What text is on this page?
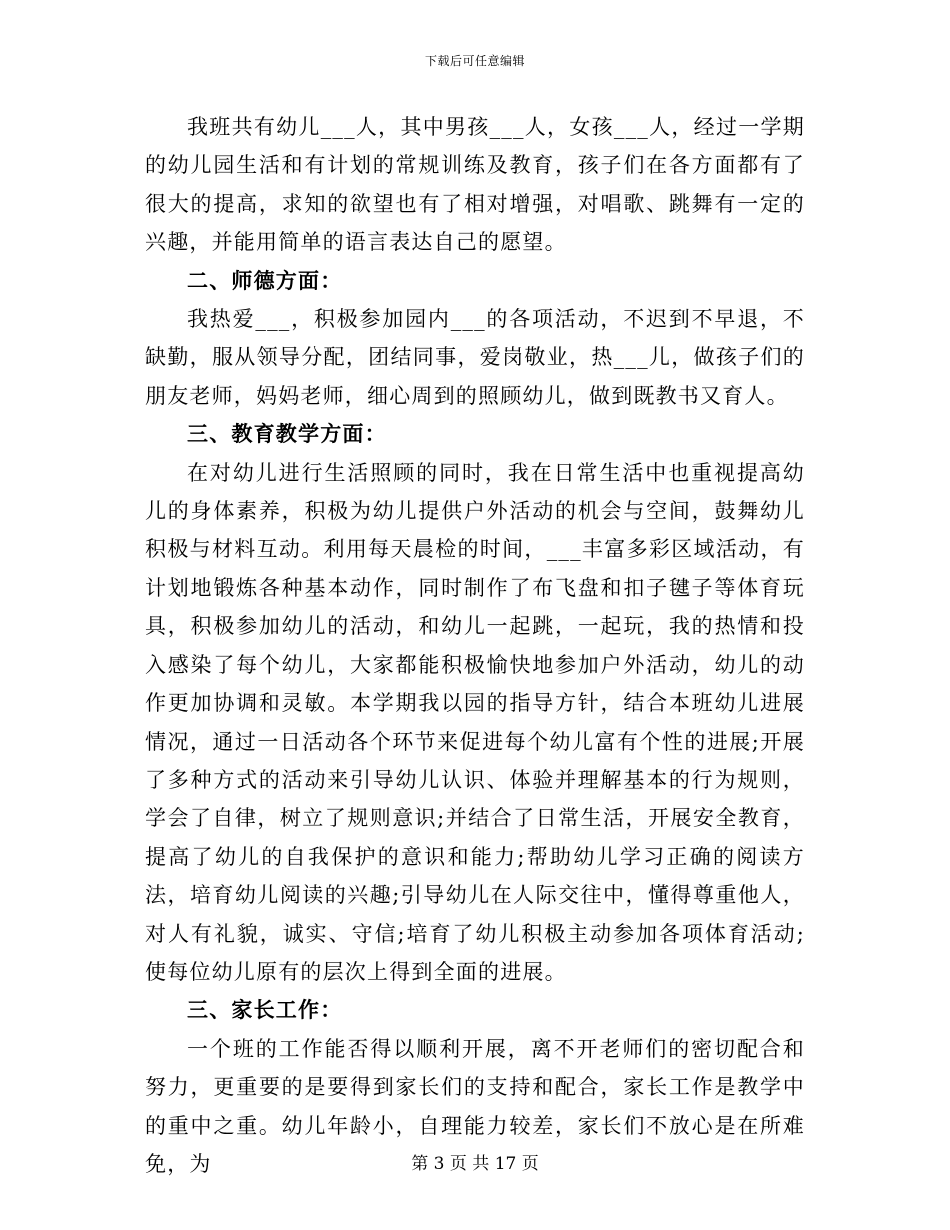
下载后可任意编辑

我班共有幼儿___人，其中男孩___人，女孩___人，经过一学期的幼儿园生活和有计划的常规训练及教育，孩子们在各方面都有了很大的提高，求知的欲望也有了相对增强，对唱歌、跳舞有一定的兴趣，并能用简单的语言表达自己的愿望。

二、师德方面：

我热爱___，积极参加园内___的各项活动，不迟到不早退，不缺勤，服从领导分配，团结同事，爱岗敬业，热___儿，做孩子们的朋友老师，妈妈老师，细心周到的照顾幼儿，做到既教书又育人。

三、教育教学方面：

在对幼儿进行生活照顾的同时，我在日常生活中也重视提高幼儿的身体素养，积极为幼儿提供户外活动的机会与空间，鼓舞幼儿积极与材料互动。利用每天晨检的时间，___丰富多彩区域活动，有计划地锻炼各种基本动作，同时制作了布飞盘和扣子毽子等体育玩具，积极参加幼儿的活动，和幼儿一起跳，一起玩，我的热情和投入感染了每个幼儿，大家都能积极愉快地参加户外活动，幼儿的动作更加协调和灵敏。本学期我以园的指导方针，结合本班幼儿进展情况，通过一日活动各个环节来促进每个幼儿富有个性的进展;开展了多种方式的活动来引导幼儿认识、体验并理解基本的行为规则，学会了自律，树立了规则意识;并结合了日常生活，开展安全教育，提高了幼儿的自我保护的意识和能力;帮助幼儿学习正确的阅读方法，培育幼儿阅读的兴趣;引导幼儿在人际交往中，懂得尊重他人，对人有礼貌，诚实、守信;培育了幼儿积极主动参加各项体育活动;使每位幼儿原有的层次上得到全面的进展。

三、家长工作：

一个班的工作能否得以顺利开展，离不开老师们的密切配合和努力，更重要的是要得到家长们的支持和配合，家长工作是教学中的重中之重。幼儿年龄小，自理能力较差，家长们不放心是在所难免，为	第 3 页 共 17 页
